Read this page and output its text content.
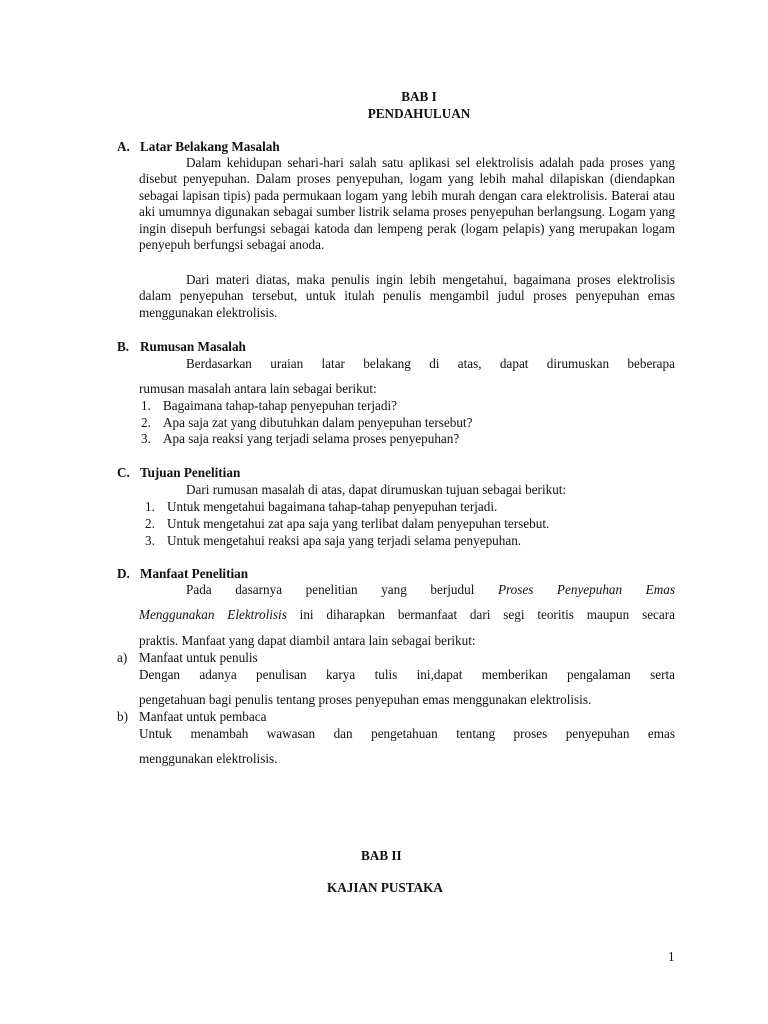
BAB I
PENDAHULUAN
A. Latar Belakang Masalah

Dalam kehidupan sehari-hari salah satu aplikasi sel elektrolisis adalah pada proses yang disebut penyepuhan. Dalam proses penyepuhan, logam yang lebih mahal dilapiskan (diendapkan sebagai lapisan tipis) pada permukaan logam yang lebih murah dengan cara elektrolisis. Baterai atau aki umumnya digunakan sebagai sumber listrik selama proses penyepuhan berlangsung. Logam yang ingin disepuh berfungsi sebagai katoda dan lempeng perak (logam pelapis) yang merupakan logam penyepuh berfungsi sebagai anoda.

Dari materi diatas, maka penulis ingin lebih mengetahui, bagaimana proses elektrolisis dalam penyepuhan tersebut, untuk itulah penulis mengambil judul proses penyepuhan emas menggunakan elektrolisis.

B. Rumusan Masalah
Berdasarkan uraian latar belakang di atas, dapat dirumuskan beberapa
rumusan masalah antara lain sebagai berikut:
1. Bagaimana tahap-tahap penyepuhan terjadi?
2. Apa saja zat yang dibutuhkan dalam penyepuhan tersebut?
3. Apa saja reaksi yang terjadi selama proses penyepuhan?
C. Tujuan Penelitian
Dari rumusan masalah di atas, dapat dirumuskan tujuan sebagai berikut:
1. Untuk mengetahui bagaimana tahap-tahap penyepuhan terjadi.
2. Untuk mengetahui zat apa saja yang terlibat dalam penyepuhan tersebut.
3. Untuk mengetahui reaksi apa saja yang terjadi selama penyepuhan.
D. Manfaat Penelitian
Pada dasarnya penelitian yang berjudul Proses Penyepuhan Emas
Menggunakan Elektrolisis ini diharapkan bermanfaat dari segi teoritis maupun secara
praktis. Manfaat yang dapat diambil antara lain sebagai berikut:
a) Manfaat untuk penulis
Dengan adanya penulisan karya tulis ini,dapat memberikan pengalaman serta
pengetahuan bagi penulis tentang proses penyepuhan emas menggunakan elektrolisis.
b) Manfaat untuk pembaca
Untuk menambah wawasan dan pengetahuan tentang proses penyepuhan emas
menggunakan elektrolisis.
BAB II
KAJIAN PUSTAKA
1
